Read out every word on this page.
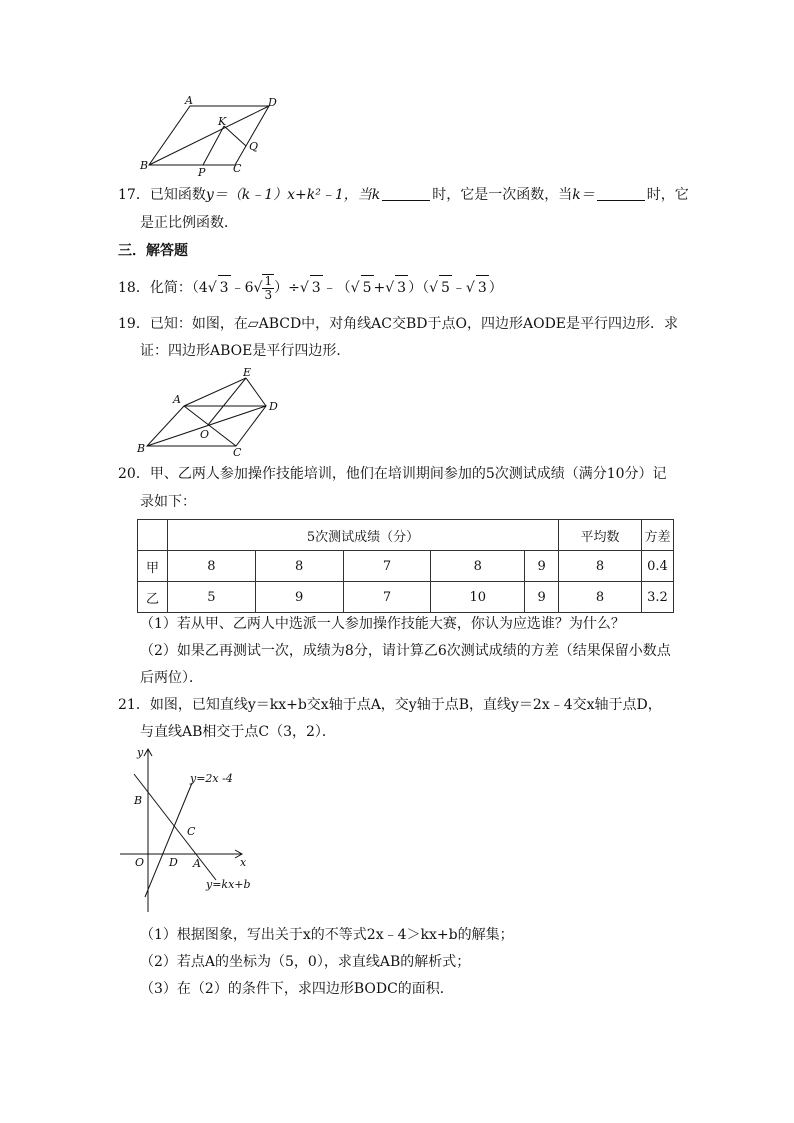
A	D
K
Q
B
P	C
17．已知函数y＝（k﹣1）x+k²﹣1，当k	时，它是一次函数，当k＝	时，它
是正比例函数．
三．解答题
18．化简：（4√ 3 ﹣6√ $\frac{1}{3}$ ）÷√ 3 ﹣（√ 5 +√ 3 ）（√ 5 ﹣√ 3 ）
19．已知：如图，在▱ABCD中，对角线AC交BD于点O，四边形AODE是平行四边形．求
证：四边形ABOE是平行四边形．
E
A
D
O
B	C
20．甲、乙两人参加操作技能培训，他们在培训期间参加的5次测试成绩（满分10分）记
录如下：
	5次测试成绩（分）					平均数	方差
甲	8	8	7	8	9	8	0.4
乙	5	9	7	10	9	8	3.2
（1）若从甲、乙两人中选派一人参加操作技能大赛，你认为应选谁？为什么？
（2）如果乙再测试一次，成绩为8分，请计算乙6次测试成绩的方差（结果保留小数点
后两位）．
21．如图，已知直线y＝kx+b交x轴于点A，交y轴于点B，直线y＝2x﹣4交x轴于点D，
与直线AB相交于点C（3，2）．
y
x
y=2x -4
y=kx+b
B
C
O D A
（1）根据图象，写出关于x的不等式2x﹣4＞kx+b的解集；
（2）若点A的坐标为（5，0），求直线AB的解析式；
（3）在（2）的条件下，求四边形BODC的面积．
